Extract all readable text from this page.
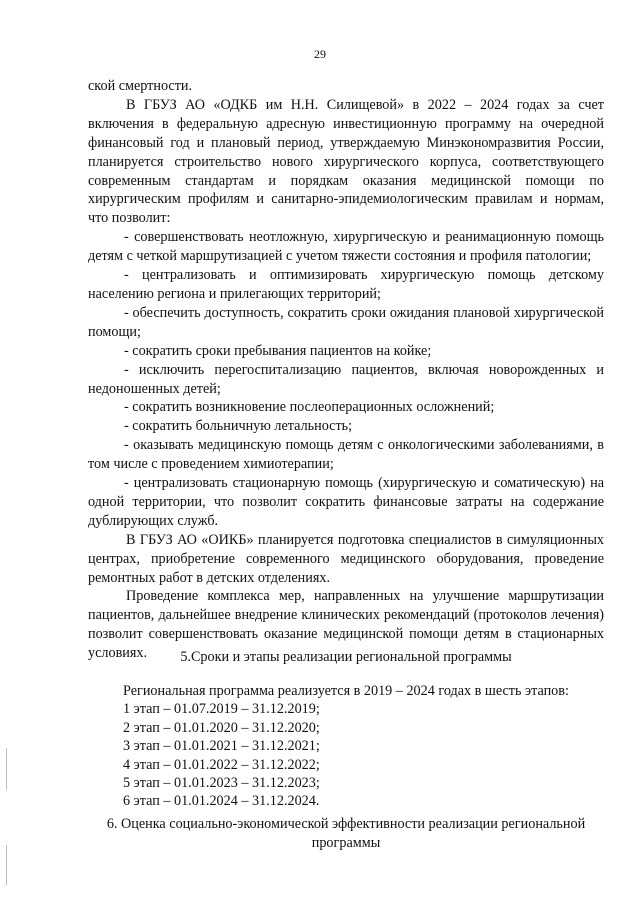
29

ской смертности.

В ГБУЗ АО «ОДКБ им Н.Н. Силищевой» в 2022 – 2024 годах за счет включения в федеральную адресную инвестиционную программу на очередной финансовый год и плановый период, утверждаемую Минэкономразвития России, планируется строительство нового хирургического корпуса, соответствующего современным стандартам и порядкам оказания медицинской помощи по хирургическим профилям и санитарно-эпидемиологическим правилам и нормам, что позволит:

- совершенствовать неотложную, хирургическую и реанимационную помощь детям с четкой маршрутизацией с учетом тяжести состояния и профиля патологии;

- централизовать и оптимизировать хирургическую помощь детскому населению региона и прилегающих территорий;

- обеспечить доступность, сократить сроки ожидания плановой хирургической помощи;

- сократить сроки пребывания пациентов на койке;

- исключить перегоспитализацию пациентов, включая новорожденных и недоношенных детей;

- сократить возникновение послеоперационных осложнений;

- сократить больничную летальность;

- оказывать медицинскую помощь детям с онкологическими заболеваниями, в том числе с проведением химиотерапии;

- централизовать стационарную помощь (хирургическую и соматическую) на одной территории, что позволит сократить финансовые затраты на содержание дублирующих служб.

В ГБУЗ АО «ОИКБ» планируется подготовка специалистов в симуляционных центрах, приобретение современного медицинского оборудования, проведение ремонтных работ в детских отделениях.

Проведение комплекса мер, направленных на улучшение маршрутизации пациентов, дальнейшее внедрение клинических рекомендаций (протоколов лечения) позволит совершенствовать оказание медицинской помощи детям в стационарных условиях.	5.Сроки и этапы реализации региональной программы
Региональная программа реализуется в 2019 – 2024 годах в шесть этапов:
1 этап – 01.07.2019 – 31.12.2019;
2 этап – 01.01.2020 – 31.12.2020;
3 этап – 01.01.2021 – 31.12.2021;
4 этап – 01.01.2022 – 31.12.2022;
5 этап – 01.01.2023 – 31.12.2023;
6 этап – 01.01.2024 – 31.12.2024.
6. Оценка социально-экономической эффективности реализации региональной
программы
